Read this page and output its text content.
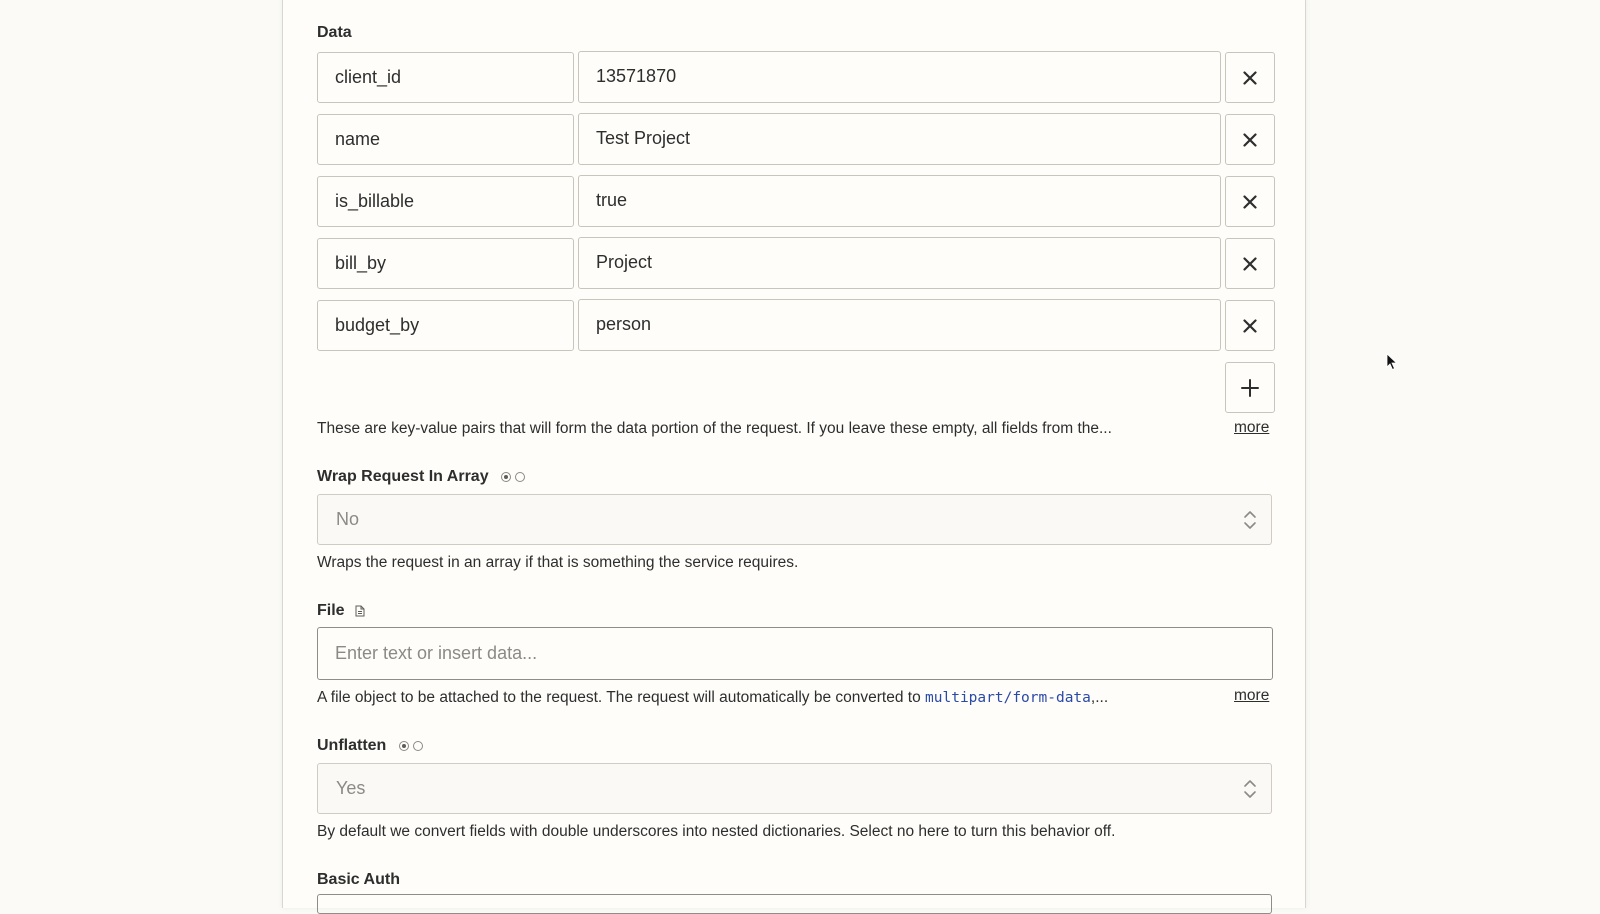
Data
client_id	13571870
name	Test Project
is_billable	true
bill_by	Project
budget_by	person
These are key-value pairs that will form the data portion of the request. If you leave these empty, all fields from the...	more
Wrap Request In Array
No
Wraps the request in an array if that is something the service requires.
File
Enter text or insert data...
A file object to be attached to the request. The request will automatically be converted to multipart/form-data,...	more
Unflatten
Yes
By default we convert fields with double underscores into nested dictionaries. Select no here to turn this behavior off.
Basic Auth
